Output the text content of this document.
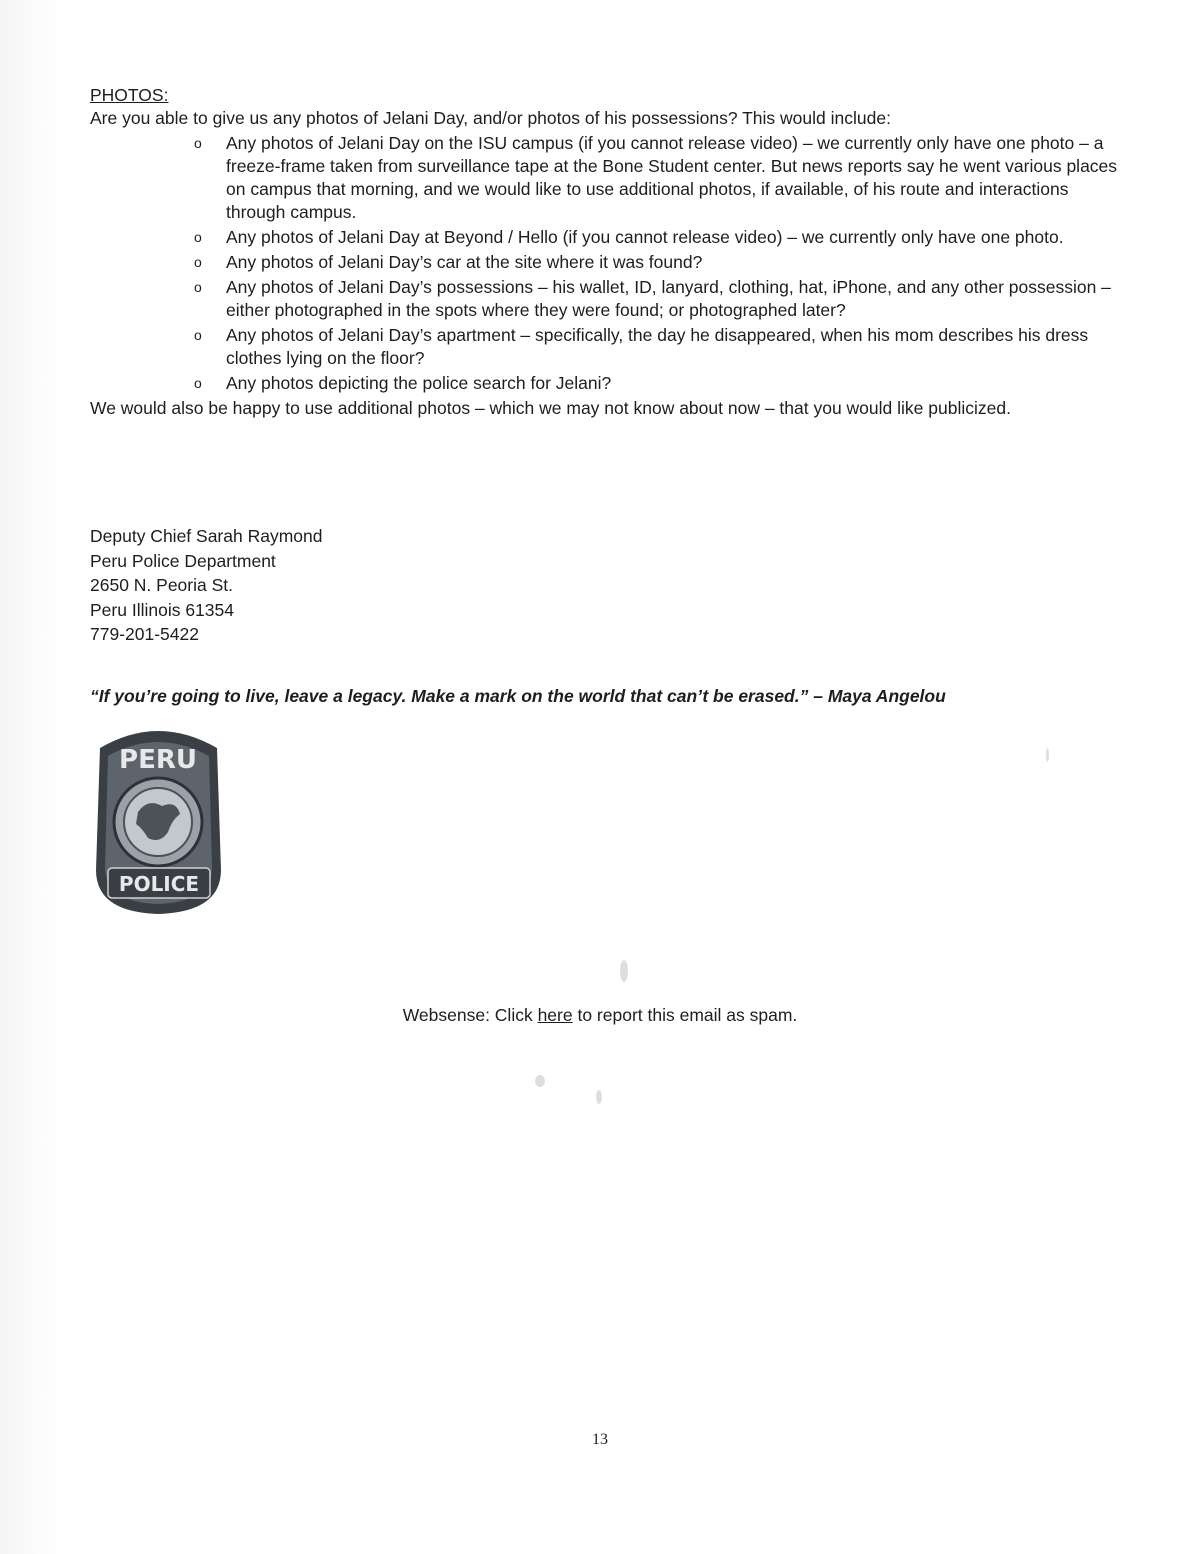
PHOTOS:

Are you able to give us any photos of Jelani Day, and/or photos of his possessions? This would include:

o Any photos of Jelani Day on the ISU campus (if you cannot release video) – we currently only have one photo – a freeze-frame taken from surveillance tape at the Bone Student center. But news reports say he went various places on campus that morning, and we would like to use additional photos, if available, of his route and interactions through campus.
o Any photos of Jelani Day at Beyond / Hello (if you cannot release video) – we currently only have one photo.
o Any photos of Jelani Day’s car at the site where it was found?
o Any photos of Jelani Day’s possessions – his wallet, ID, lanyard, clothing, hat, iPhone, and any other possession – either photographed in the spots where they were found; or photographed later?
o Any photos of Jelani Day’s apartment – specifically, the day he disappeared, when his mom describes his dress clothes lying on the floor?
o Any photos depicting the police search for Jelani?

We would also be happy to use additional photos – which we may not know about now – that you would like publicized.

Deputy Chief Sarah Raymond
Peru Police Department
2650 N. Peoria St.
Peru Illinois 61354
779-201-5422
“If you’re going to live, leave a legacy. Make a mark on the world that can’t be erased.” – Maya Angelou
PERU
POLICE
Websense: Click here to report this email as spam.
13
